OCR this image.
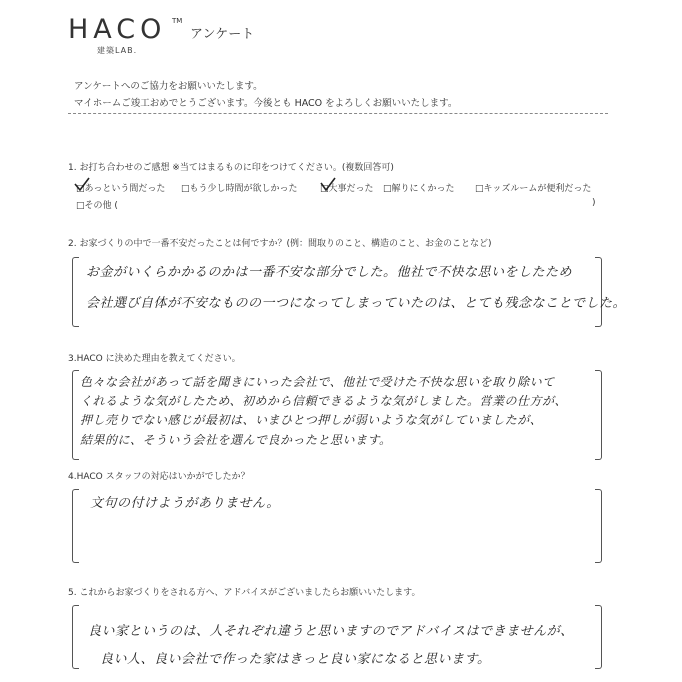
HACO TM
アンケート
建築LAB.
アンケートへのご協力をお願いいたします。
マイホームご竣工おめでとうございます。今後とも HACO をよろしくお願いいたします。
1. お打ち合わせのご感想 ※当てはまるものに印をつけてください。(複数回答可)
□あっという間だった □もう少し時間が欲しかった □大事だった □解りにくかった □キッズルームが便利だった
□その他 (	)
2. お家づくりの中で一番不安だったことは何ですか？(例：間取りのこと、構造のこと、お金のことなど)
お金がいくらかかるのかは一番不安な部分でした。他社で不快な思いをしたため
会社選び自体が不安なものの一つになってしまっていたのは、とても残念なことでした。
3.HACO に決めた理由を教えてください。
色々な会社があって話を聞きにいった会社で、他社で受けた不快な思いを取り除いて
くれるような気がしたため、初めから信頼できるような気がしました。営業の仕方が、
押し売りでない感じが最初は、いまひとつ押しが弱いような気がしていましたが、
結果的に、そういう会社を選んで良かったと思います。
4.HACO スタッフの対応はいかがでしたか？
文句の付けようがありません。
5. これからお家づくりをされる方へ、アドバイスがございましたらお願いいたします。
良い家というのは、人それぞれ違うと思いますのでアドバイスはできませんが、
良い人、良い会社で作った家はきっと良い家になると思います。
